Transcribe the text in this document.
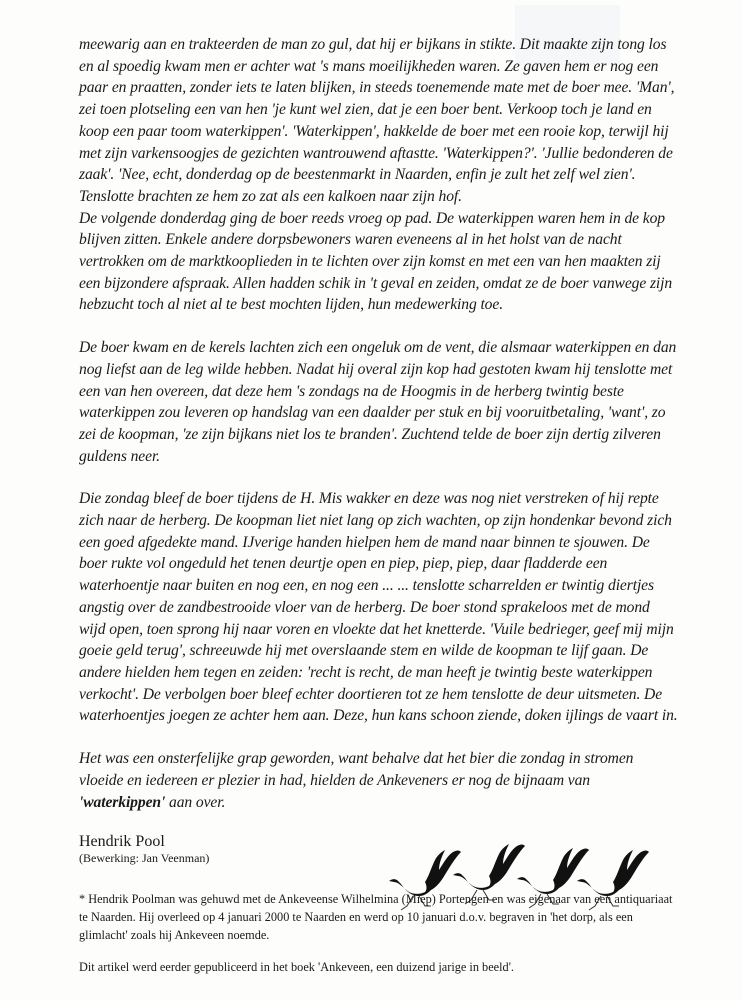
meewarig aan en trakteerden de man zo gul, dat hij er bijkans in stikte. Dit maakte zijn tong los en al spoedig kwam men er achter wat 's mans moeilijkheden waren. Ze gaven hem er nog een paar en praatten, zonder iets te laten blijken, in steeds toenemende mate met de boer mee. 'Man', zei toen plotseling een van hen 'je kunt wel zien, dat je een boer bent. Verkoop toch je land en koop een paar toom waterkippen'. 'Waterkippen', hakkelde de boer met een rooie kop, terwijl hij met zijn varkensoogjes de gezichten wantrouwend aftastte. 'Waterkippen?'. 'Jullie bedonderen de zaak'. 'Nee, echt, donderdag op de beestenmarkt in Naarden, enfin je zult het zelf wel zien'. Tenslotte brachten ze hem zo zat als een kalkoen naar zijn hof.

De volgende donderdag ging de boer reeds vroeg op pad. De waterkippen waren hem in de kop blijven zitten. Enkele andere dorpsbewoners waren eveneens al in het holst van de nacht vertrokken om de marktkooplieden in te lichten over zijn komst en met een van hen maakten zij een bijzondere afspraak. Allen hadden schik in 't geval en zeiden, omdat ze de boer vanwege zijn hebzucht toch al niet al te best mochten lijden, hun medewerking toe.

De boer kwam en de kerels lachten zich een ongeluk om de vent, die alsmaar waterkippen en dan nog liefst aan de leg wilde hebben. Nadat hij overal zijn kop had gestoten kwam hij tenslotte met een van hen overeen, dat deze hem 's zondags na de Hoogmis in de herberg twintig beste waterkippen zou leveren op handslag van een daalder per stuk en bij vooruitbetaling, 'want', zo zei de koopman, 'ze zijn bijkans niet los te branden'. Zuchtend telde de boer zijn dertig zilveren guldens neer.

Die zondag bleef de boer tijdens de H. Mis wakker en deze was nog niet verstreken of hij repte zich naar de herberg. De koopman liet niet lang op zich wachten, op zijn hondenkar bevond zich een goed afgedekte mand. IJverige handen hielpen hem de mand naar binnen te sjouwen. De boer rukte vol ongeduld het tenen deurtje open en piep, piep, piep, daar fladderde een waterhoentje naar buiten en nog een, en nog een ... ... tenslotte scharrelden er twintig diertjes angstig over de zandbestrooide vloer van de herberg. De boer stond sprakeloos met de mond wijd open, toen sprong hij naar voren en vloekte dat het knetterde. 'Vuile bedrieger, geef mij mijn goeie geld terug', schreeuwde hij met overslaande stem en wilde de koopman te lijf gaan. De andere hielden hem tegen en zeiden: 'recht is recht, de man heeft je twintig beste waterkippen verkocht'. De verbolgen boer bleef echter doortieren tot ze hem tenslotte de deur uitsmeten. De waterhoentjes joegen ze achter hem aan. Deze, hun kans schoon ziende, doken ijlings de vaart in.

Het was een onsterfelijke grap geworden, want behalve dat het bier die zondag in stromen vloeide en iedereen er plezier in had, hielden de Ankeveners er nog de bijnaam van 'waterkippen' aan over.

Hendrik Pool
(Bewerking: Jan Veenman)

* Hendrik Poolman was gehuwd met de Ankeveense Wilhelmina (Miep) Portengen en was eigenaar van een antiquariaat te Naarden. Hij overleed op 4 januari 2000 te Naarden en werd op 10 januari d.o.v. begraven in 'het dorp, als een glimlacht' zoals hij Ankeveen noemde.

Dit artikel werd eerder gepubliceerd in het boek 'Ankeveen, een duizend jarige in beeld'.
